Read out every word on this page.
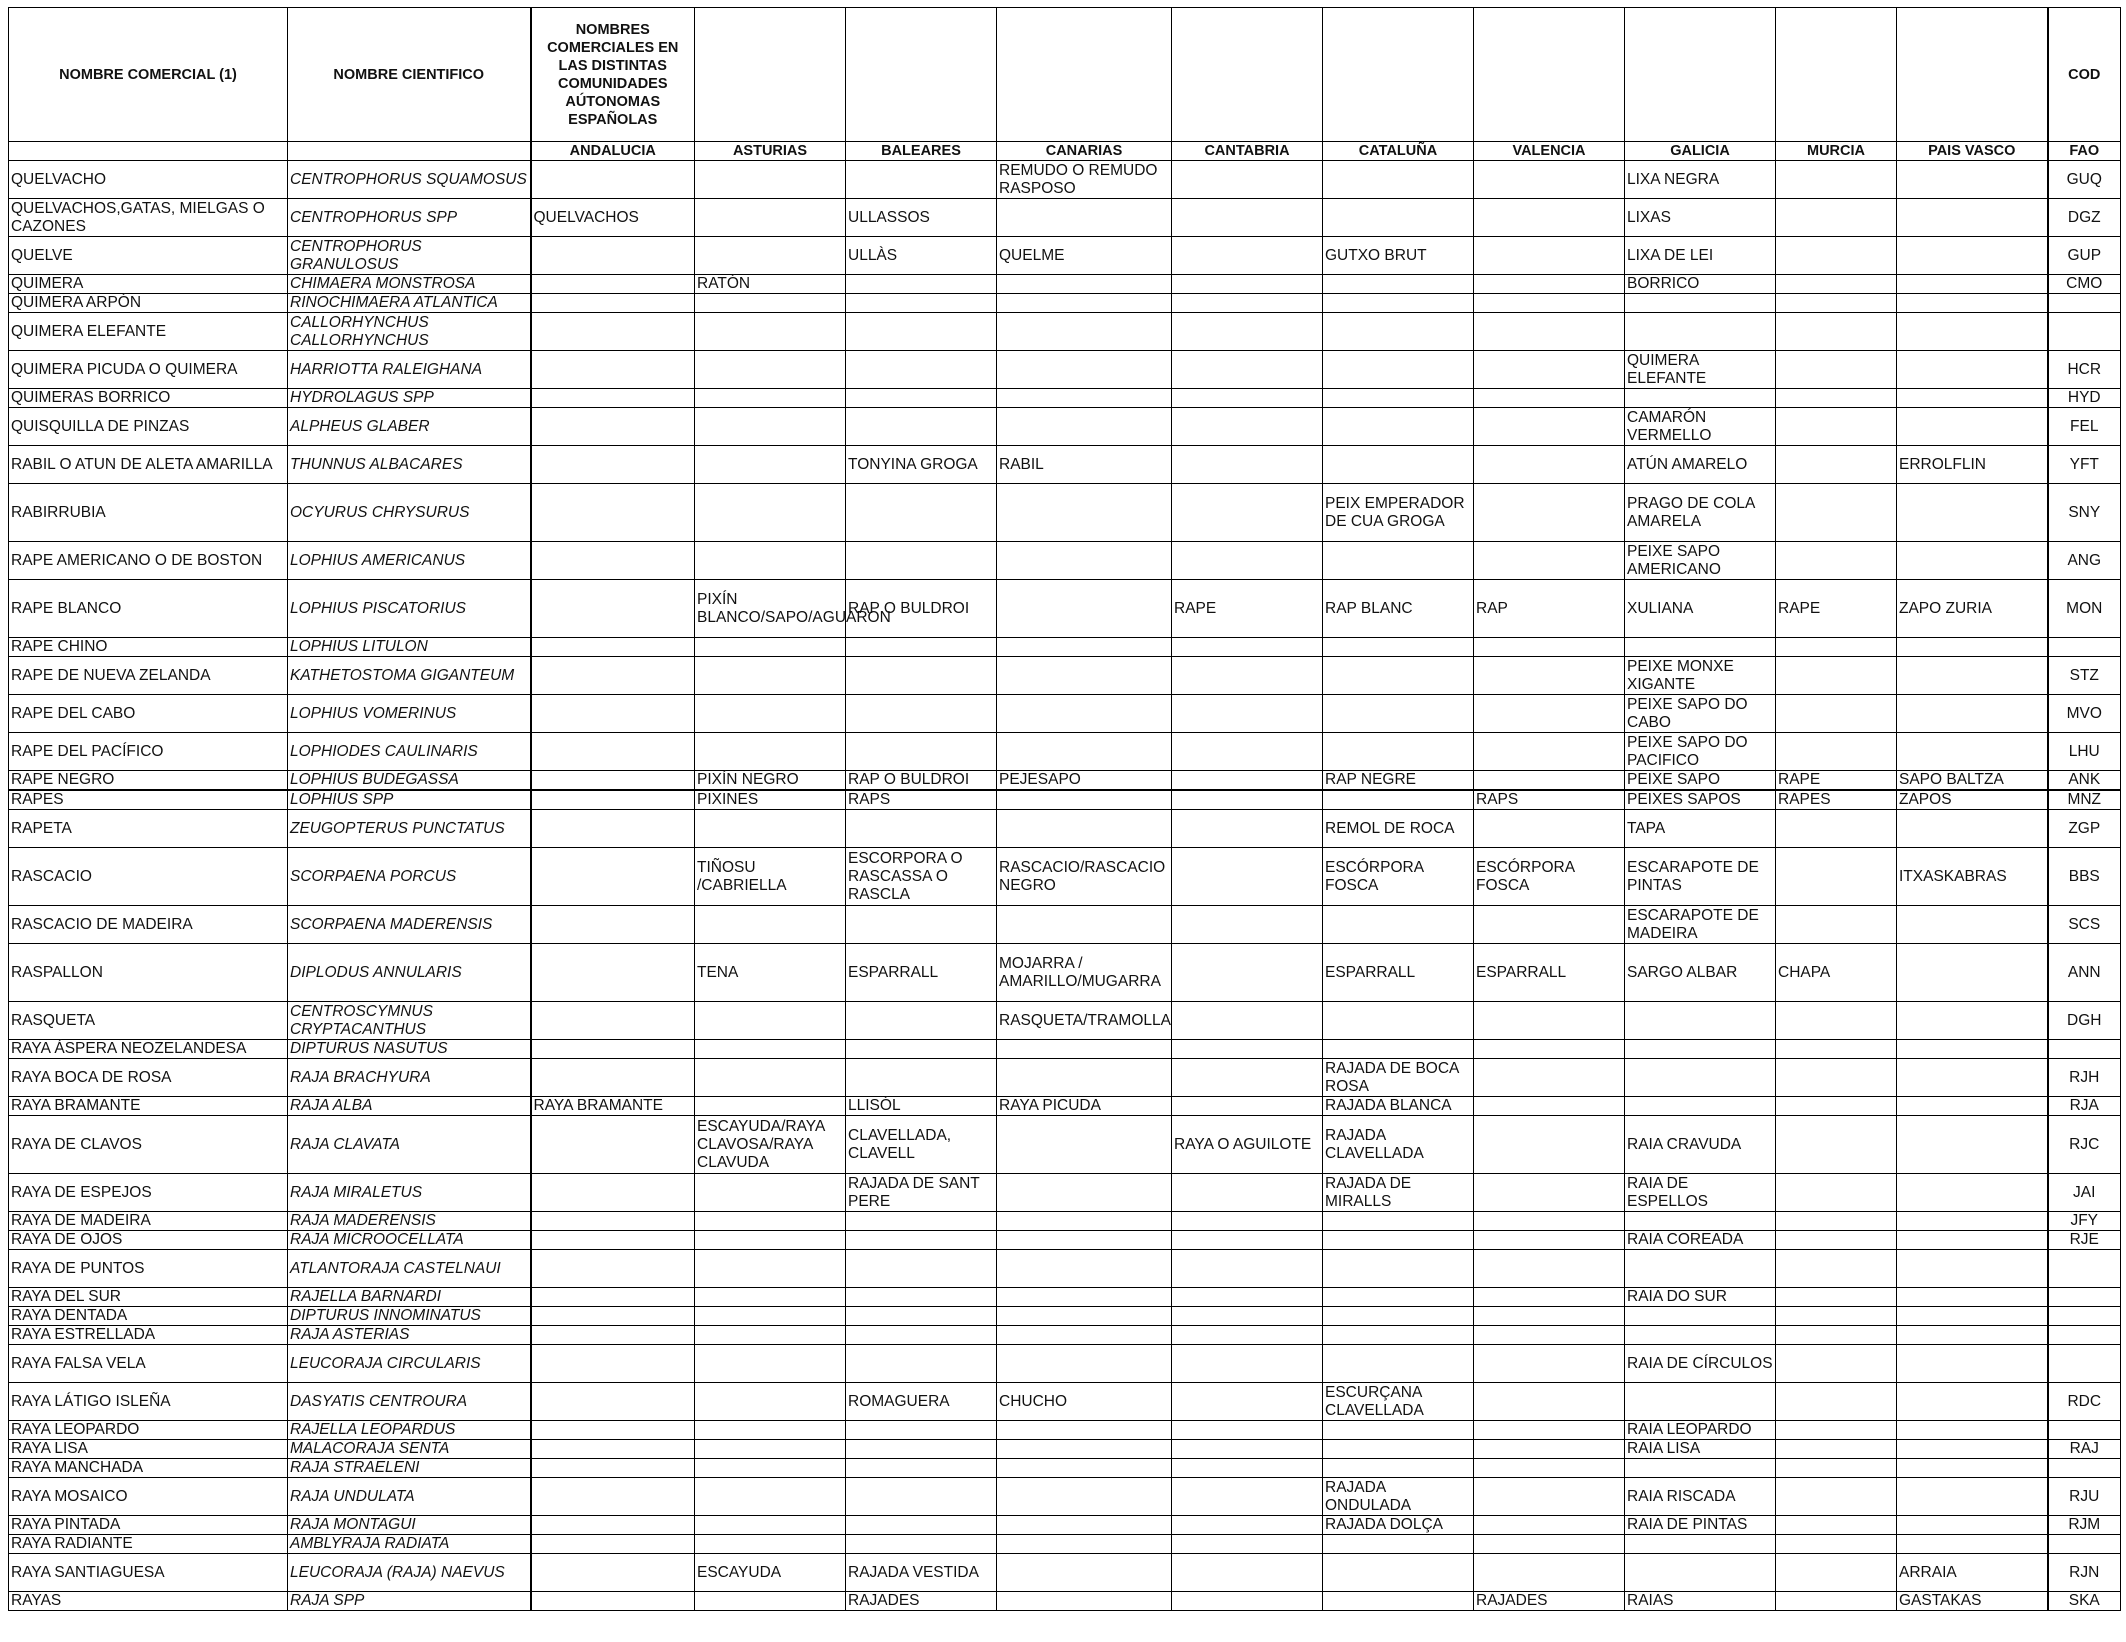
NOMBRE COMERCIAL (1)	NOMBRE CIENTIFICO	NOMBRES COMERCIALES EN LAS DISTINTAS COMUNIDADES AÚTONOMAS ESPAÑOLAS										COD
		ANDALUCIA	ASTURIAS	BALEARES	CANARIAS	CANTABRIA	CATALUÑA	VALENCIA	GALICIA	MURCIA	PAIS VASCO	FAO
QUELVACHO	CENTROPHORUS SQUAMOSUS				REMUDO O REMUDO RASPOSO				LIXA NEGRA			GUQ
QUELVACHOS,GATAS, MIELGAS O CAZONES	CENTROPHORUS SPP	QUELVACHOS		ULLASSOS					LIXAS			DGZ
QUELVE	CENTROPHORUS GRANULOSUS			ULLÀS	QUELME		GUTXO BRUT		LIXA DE LEI			GUP
QUIMERA	CHIMAERA MONSTROSA		RATÓN						BORRICO			CMO
QUIMERA ARPÓN	RINOCHIMAERA ATLANTICA											
QUIMERA ELEFANTE	CALLORHYNCHUS CALLORHYNCHUS											
QUIMERA PICUDA O QUIMERA	HARRIOTTA RALEIGHANA								QUIMERA ELEFANTE			HCR
QUIMERAS BORRICO	HYDROLAGUS SPP											HYD
QUISQUILLA DE PINZAS	ALPHEUS GLABER								CAMARÓN VERMELLO			FEL
RABIL O ATUN DE ALETA AMARILLA	THUNNUS ALBACARES			TONYINA GROGA	RABIL				ATÚN AMARELO		ERROLFLIN	YFT
RABIRRUBIA	OCYURUS CHRYSURUS						PEIX EMPERADOR DE CUA GROGA		PRAGO DE COLA AMARELA			SNY
RAPE AMERICANO O DE BOSTON	LOPHIUS AMERICANUS								PEIXE SAPO AMERICANO			ANG
RAPE BLANCO	LOPHIUS PISCATORIUS		PIXÍN BLANCO/SAPO/AGUARON	RAP O BULDROI		RAPE	RAP BLANC	RAP	XULIANA	RAPE	ZAPO ZURIA	MON
RAPE CHINO	LOPHIUS LITULON											
RAPE DE NUEVA ZELANDA	KATHETOSTOMA GIGANTEUM								PEIXE MONXE XIGANTE			STZ
RAPE DEL CABO	LOPHIUS VOMERINUS								PEIXE SAPO DO CABO			MVO
RAPE DEL PACÍFICO	LOPHIODES CAULINARIS								PEIXE SAPO DO PACIFICO			LHU
RAPE NEGRO	LOPHIUS BUDEGASSA		PIXÍN NEGRO	RAP O BULDROI	PEJESAPO		RAP NEGRE		PEIXE SAPO	RAPE	SAPO BALTZA	ANK
RAPES	LOPHIUS SPP		PIXINES	RAPS				RAPS	PEIXES SAPOS	RAPES	ZAPOS	MNZ
RAPETA	ZEUGOPTERUS PUNCTATUS						REMOL DE ROCA		TAPA			ZGP
RASCACIO	SCORPAENA PORCUS		TIÑOSU /CABRIELLA	ESCORPORA O RASCASSA O RASCLA	RASCACIO/RASCACIO NEGRO		ESCÓRPORA FOSCA	ESCÓRPORA FOSCA	ESCARAPOTE DE PINTAS		ITXASKABRAS	BBS
RASCACIO DE MADEIRA	SCORPAENA MADERENSIS								ESCARAPOTE DE MADEIRA			SCS
RASPALLON	DIPLODUS ANNULARIS		TENA	ESPARRALL	MOJARRA / AMARILLO/MUGARRA		ESPARRALL	ESPARRALL	SARGO ALBAR	CHAPA		ANN
RASQUETA	CENTROSCYMNUS CRYPTACANTHUS				RASQUETA/TRAMOLLA							DGH
RAYA ÁSPERA NEOZELANDESA	DIPTURUS NASUTUS											
RAYA BOCA DE ROSA	RAJA BRACHYURA						RAJADA DE BOCA ROSA					RJH
RAYA BRAMANTE	RAJA ALBA	RAYA BRAMANTE		LLISÓL	RAYA PICUDA		RAJADA BLANCA					RJA
RAYA DE CLAVOS	RAJA CLAVATA		ESCAYUDA/RAYA CLAVOSA/RAYA CLAVUDA	CLAVELLADA, CLAVELL		RAYA O AGUILOTE	RAJADA CLAVELLADA		RAIA CRAVUDA			RJC
RAYA DE ESPEJOS	RAJA MIRALETUS			RAJADA DE SANT PERE			RAJADA DE MIRALLS		RAIA DE ESPELLOS			JAI
RAYA DE MADEIRA	RAJA MADERENSIS											JFY
RAYA DE OJOS	RAJA MICROOCELLATA								RAIA COREADA			RJE
RAYA DE PUNTOS	ATLANTORAJA CASTELNAUI											
RAYA DEL SUR	RAJELLA BARNARDI								RAIA DO SUR			
RAYA DENTADA	DIPTURUS INNOMINATUS											
RAYA ESTRELLADA	RAJA ASTERIAS											
RAYA FALSA VELA	LEUCORAJA CIRCULARIS								RAIA DE CÍRCULOS			
RAYA LÁTIGO ISLEÑA	DASYATIS CENTROURA			ROMAGUERA	CHUCHO		ESCURÇANA CLAVELLADA					RDC
RAYA LEOPARDO	RAJELLA LEOPARDUS								RAIA LEOPARDO			
RAYA LISA	MALACORAJA SENTA								RAIA LISA			RAJ
RAYA MANCHADA	RAJA STRAELENI											
RAYA MOSAICO	RAJA UNDULATA						RAJADA ONDULADA		RAIA RISCADA			RJU
RAYA PINTADA	RAJA MONTAGUI						RAJADA DOLÇA		RAIA DE PINTAS			RJM
RAYA RADIANTE	AMBLYRAJA RADIATA											
RAYA SANTIAGUESA	LEUCORAJA (RAJA) NAEVUS		ESCAYUDA	RAJADA VESTIDA							ARRAIA	RJN
RAYAS	RAJA SPP			RAJADES				RAJADES	RAIAS		GASTAKAS	SKA
